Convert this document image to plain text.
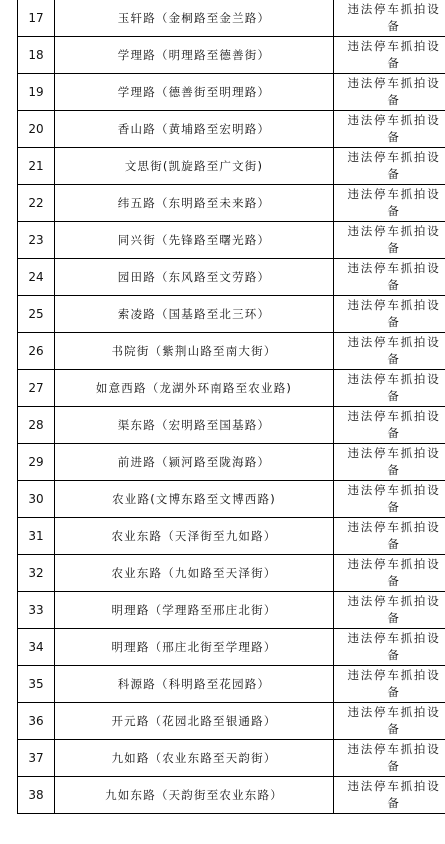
17	玉轩路（金桐路至金兰路）	违法停车抓拍设备
18	学理路（明理路至德善街）	违法停车抓拍设备
19	学理路（德善街至明理路）	违法停车抓拍设备
20	香山路（黄埔路至宏明路）	违法停车抓拍设备
21	文思街(凯旋路至广文街)	违法停车抓拍设备
22	纬五路（东明路至未来路）	违法停车抓拍设备
23	同兴街（先锋路至曙光路）	违法停车抓拍设备
24	园田路（东风路至文劳路）	违法停车抓拍设备
25	索凌路（国基路至北三环）	违法停车抓拍设备
26	书院街（紫荆山路至南大街）	违法停车抓拍设备
27	如意西路（龙湖外环南路至农业路)	违法停车抓拍设备
28	渠东路（宏明路至国基路）	违法停车抓拍设备
29	前进路（颍河路至陇海路）	违法停车抓拍设备
30	农业路(文博东路至文博西路)	违法停车抓拍设备
31	农业东路（天泽街至九如路）	违法停车抓拍设备
32	农业东路（九如路至天泽街）	违法停车抓拍设备
33	明理路（学理路至邢庄北街）	违法停车抓拍设备
34	明理路（邢庄北街至学理路）	违法停车抓拍设备
35	科源路（科明路至花园路）	违法停车抓拍设备
36	开元路（花园北路至银通路）	违法停车抓拍设备
37	九如路（农业东路至天韵街）	违法停车抓拍设备
38	九如东路（天韵街至农业东路）	违法停车抓拍设备
